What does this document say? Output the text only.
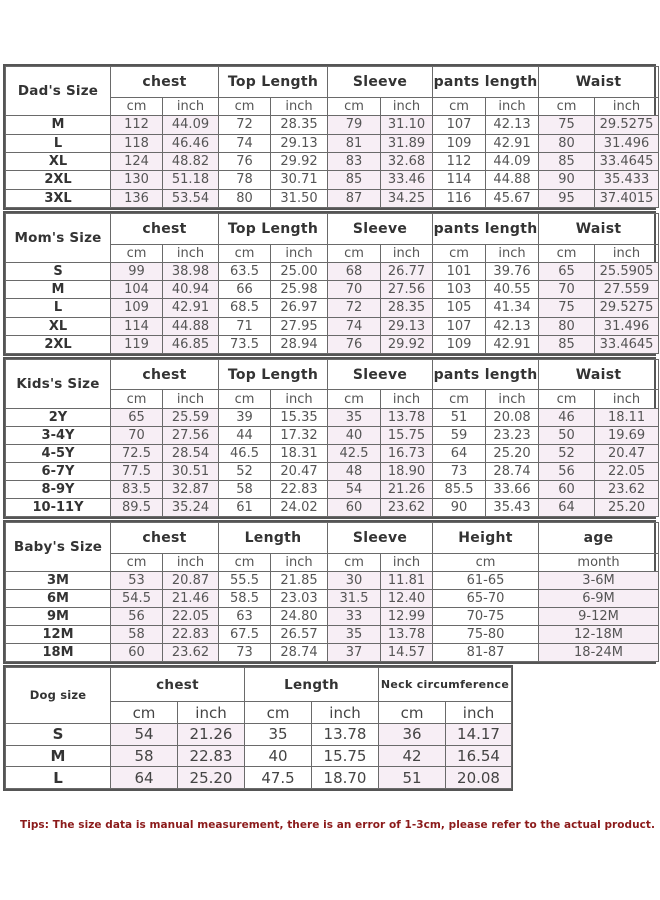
Dad's Size	chest		Top Length		Sleeve		pants length		Waist	
	cm	inch	cm	inch	cm	inch	cm	inch	cm	inch
M	112	44.09	72	28.35	79	31.10	107	42.13	75	29.5275
L	118	46.46	74	29.13	81	31.89	109	42.91	80	31.496
XL	124	48.82	76	29.92	83	32.68	112	44.09	85	33.4645
2XL	130	51.18	78	30.71	85	33.46	114	44.88	90	35.433
3XL	136	53.54	80	31.50	87	34.25	116	45.67	95	37.4015
Mom's Size	chest		Top Length		Sleeve		pants length		Waist	
	cm	inch	cm	inch	cm	inch	cm	inch	cm	inch
S	99	38.98	63.5	25.00	68	26.77	101	39.76	65	25.5905
M	104	40.94	66	25.98	70	27.56	103	40.55	70	27.559
L	109	42.91	68.5	26.97	72	28.35	105	41.34	75	29.5275
XL	114	44.88	71	27.95	74	29.13	107	42.13	80	31.496
2XL	119	46.85	73.5	28.94	76	29.92	109	42.91	85	33.4645
Kids's Size	chest		Top Length		Sleeve		pants length		Waist	
	cm	inch	cm	inch	cm	inch	cm	inch	cm	inch
2Y	65	25.59	39	15.35	35	13.78	51	20.08	46	18.11
3-4Y	70	27.56	44	17.32	40	15.75	59	23.23	50	19.69
4-5Y	72.5	28.54	46.5	18.31	42.5	16.73	64	25.20	52	20.47
6-7Y	77.5	30.51	52	20.47	48	18.90	73	28.74	56	22.05
8-9Y	83.5	32.87	58	22.83	54	21.26	85.5	33.66	60	23.62
10-11Y	89.5	35.24	61	24.02	60	23.62	90	35.43	64	25.20
Baby's Size	chest		Length		Sleeve		Height	age
	cm	inch	cm	inch	cm	inch	cm	month
3M	53	20.87	55.5	21.85	30	11.81	61-65	3-6M
6M	54.5	21.46	58.5	23.03	31.5	12.40	65-70	6-9M
9M	56	22.05	63	24.80	33	12.99	70-75	9-12M
12M	58	22.83	67.5	26.57	35	13.78	75-80	12-18M
18M	60	23.62	73	28.74	37	14.57	81-87	18-24M
Dog size	chest		Length		Neck circumference	
	cm	inch	cm	inch	cm	inch
S	54	21.26	35	13.78	36	14.17
M	58	22.83	40	15.75	42	16.54
L	64	25.20	47.5	18.70	51	20.08
Tips: The size data is manual measurement, there is an error of 1-3cm, please refer to the actual product.
